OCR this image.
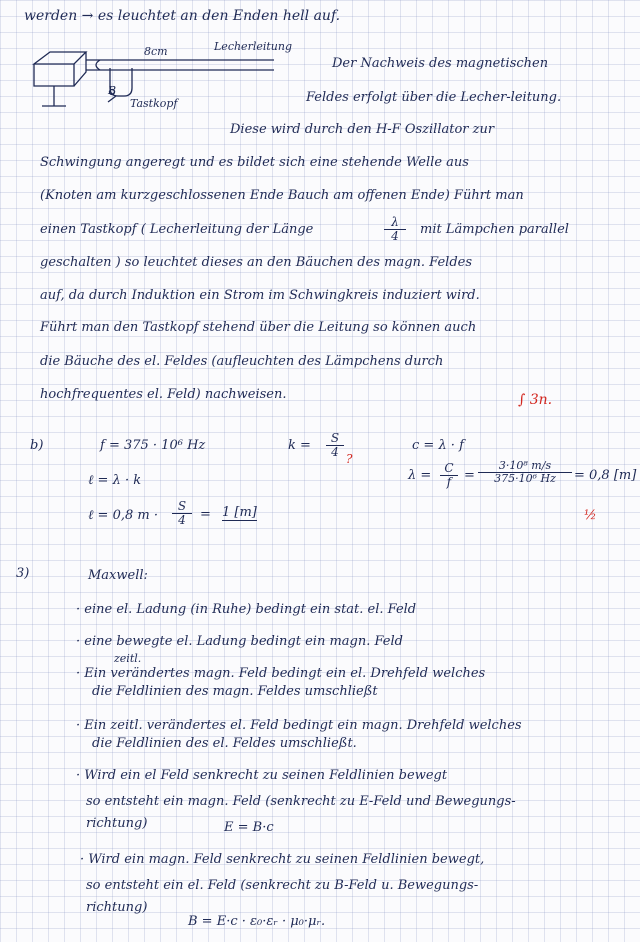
8cm	Lecherleitung
Tastkopf
B
werden → es leuchtet an den Enden hell auf.
Der Nachweis des magnetischen
Feldes erfolgt über die Lecher-leitung.
Diese wird durch den H-F Oszillator zur
Schwingung angeregt und es bildet sich eine stehende Welle aus
(Knoten am kurzgeschlossenen Ende Bauch am offenen Ende) Führt man
einen Tastkopf ( Lecherleitung der Länge	$\frac{\lambda}{4}$ mit Lämpchen parallel
geschalten ) so leuchtet dieses an den Bäuchen des magn. Feldes
auf, da durch Induktion ein Strom im Schwingkreis induziert wird.
Führt man den Tastkopf stehend über die Leitung so können auch
die Bäuche des el. Feldes (aufleuchten des Lämpchens durch
hochfrequentes el. Feld) nachweisen.	∫ 3n.
b)	f = 375 · 10⁶ Hz
ℓ = λ · k
ℓ = 0,8 $m \cdot \frac{S}{4} = 1$ [m]
$k = \frac{S}{4}$ ?
c = λ · f
$\lambda = \frac{C}{f} = \frac{\text{3·10⁸ m/s}}{\text{375·10⁶ Hz}} = 0,8$ [m]
½
3)	Maxwell:
· eine el. Ladung (in Ruhe) bedingt ein stat. el. Feld
· eine bewegte el. Ladung bedingt ein magn. Feld
zeitl.
· Ein verändertes magn. Feld bedingt ein el. Drehfeld welches
die Feldlinien des magn. Feldes umschließt
· Ein zeitl. verändertes el. Feld bedingt ein magn. Drehfeld welches
die Feldlinien des el. Feldes umschließt.
· Wird ein el Feld senkrecht zu seinen Feldlinien bewegt
so entsteht ein magn. Feld (senkrecht zu E-Feld und Bewegungs-
richtung)	E = B·c
· Wird ein magn. Feld senkrecht zu seinen Feldlinien bewegt,
so entsteht ein el. Feld (senkrecht zu B-Feld u. Bewegungs-
richtung)
B = E·c · ε₀·εᵣ · μ₀·μᵣ.
